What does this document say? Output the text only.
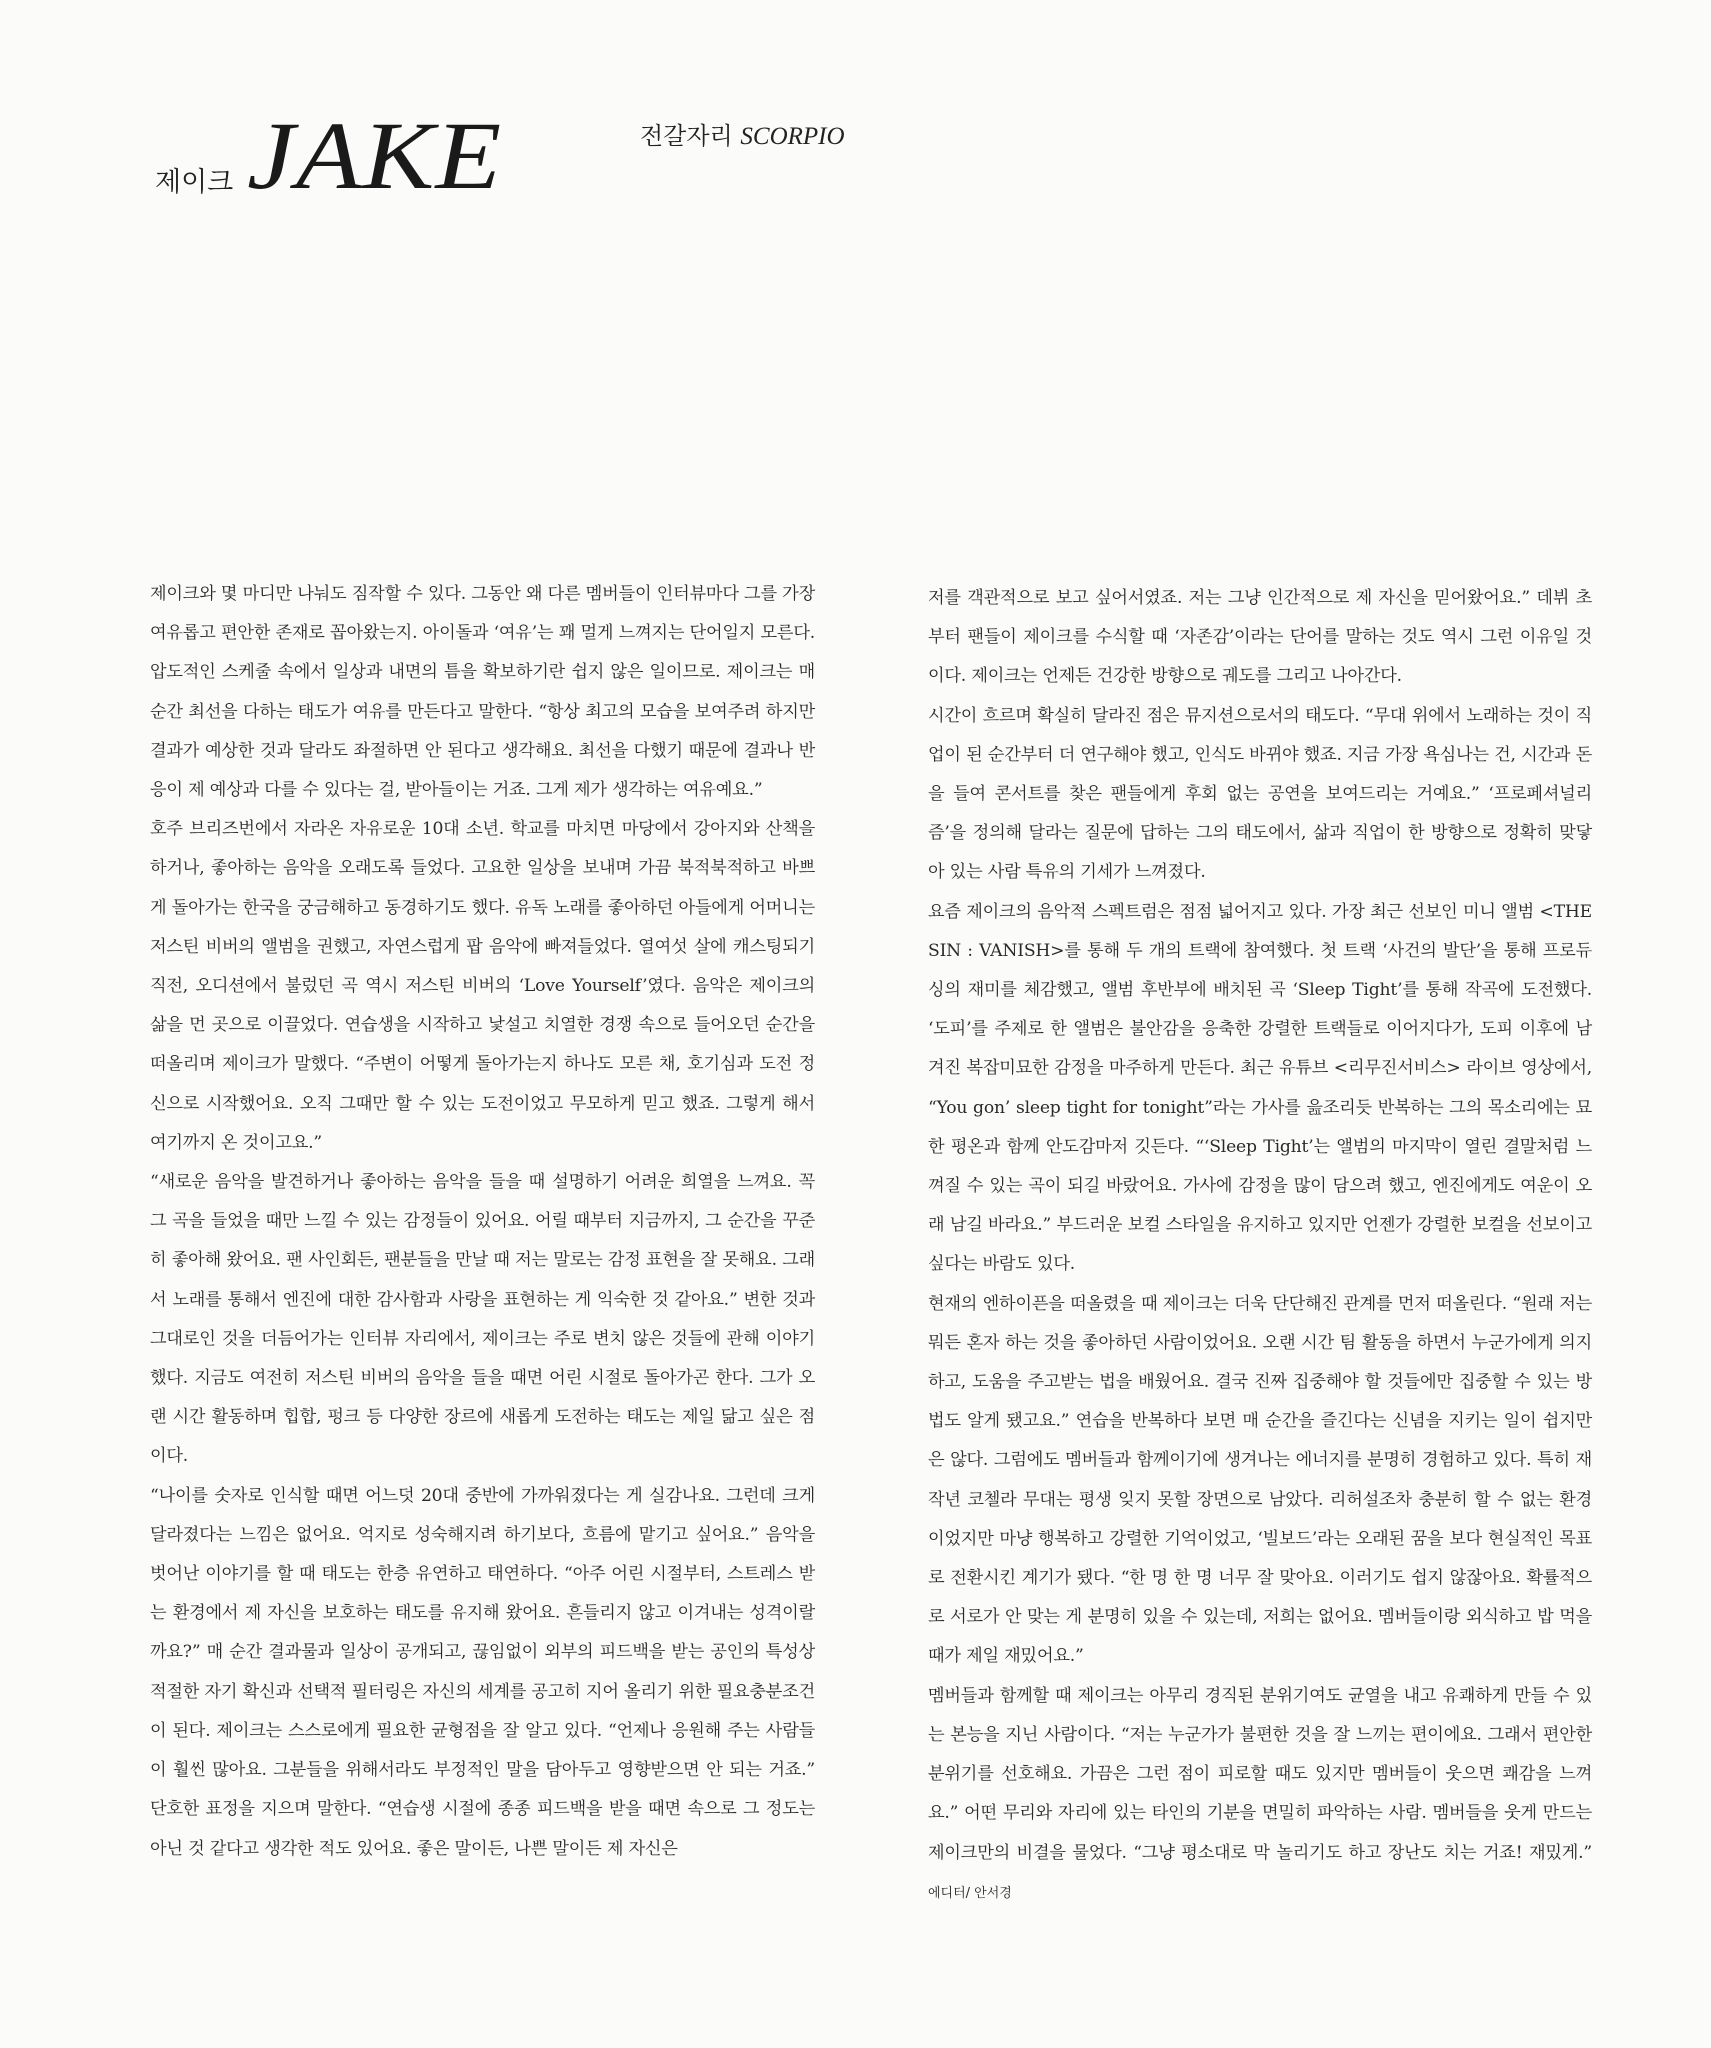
제이크 JAKE	전갈자리 SCORPIO

제이크와 몇 마디만 나눠도 짐작할 수 있다. 그동안 왜 다른 멤버들이 인터뷰마다 그를 가장 여유롭고 편안한 존재로 꼽아왔는지. 아이돌과 ‘여유’는 꽤 멀게 느껴지는 단어일지 모른다. 압도적인 스케줄 속에서 일상과 내면의 틈을 확보하기란 쉽지 않은 일이므로. 제이크는 매 순간 최선을 다하는 태도가 여유를 만든다고 말한다. “항상 최고의 모습을 보여주려 하지만 결과가 예상한 것과 달라도 좌절하면 안 된다고 생각해요. 최선을 다했기 때문에 결과나 반응이 제 예상과 다를 수 있다는 걸, 받아들이는 거죠. 그게 제가 생각하는 여유예요.”

호주 브리즈번에서 자라온 자유로운 10대 소년. 학교를 마치면 마당에서 강아지와 산책을 하거나, 좋아하는 음악을 오래도록 들었다. 고요한 일상을 보내며 가끔 북적북적하고 바쁘게 돌아가는 한국을 궁금해하고 동경하기도 했다. 유독 노래를 좋아하던 아들에게 어머니는 저스틴 비버의 앨범을 권했고, 자연스럽게 팝 음악에 빠져들었다. 열여섯 살에 캐스팅되기 직전, 오디션에서 불렀던 곡 역시 저스틴 비버의 ‘Love Yourself’였다. 음악은 제이크의 삶을 먼 곳으로 이끌었다. 연습생을 시작하고 낯설고 치열한 경쟁 속으로 들어오던 순간을 떠올리며 제이크가 말했다. “주변이 어떻게 돌아가는지 하나도 모른 채, 호기심과 도전 정신으로 시작했어요. 오직 그때만 할 수 있는 도전이었고 무모하게 믿고 했죠. 그렇게 해서 여기까지 온 것이고요.”

“새로운 음악을 발견하거나 좋아하는 음악을 들을 때 설명하기 어려운 희열을 느껴요. 꼭 그 곡을 들었을 때만 느낄 수 있는 감정들이 있어요. 어릴 때부터 지금까지, 그 순간을 꾸준히 좋아해 왔어요. 팬 사인회든, 팬분들을 만날 때 저는 말로는 감정 표현을 잘 못해요. 그래서 노래를 통해서 엔진에 대한 감사함과 사랑을 표현하는 게 익숙한 것 같아요.” 변한 것과 그대로인 것을 더듬어가는 인터뷰 자리에서, 제이크는 주로 변치 않은 것들에 관해 이야기했다. 지금도 여전히 저스틴 비버의 음악을 들을 때면 어린 시절로 돌아가곤 한다. 그가 오랜 시간 활동하며 힙합, 펑크 등 다양한 장르에 새롭게 도전하는 태도는 제일 닮고 싶은 점이다.

“나이를 숫자로 인식할 때면 어느덧 20대 중반에 가까워졌다는 게 실감나요. 그런데 크게 달라졌다는 느낌은 없어요. 억지로 성숙해지려 하기보다, 흐름에 맡기고 싶어요.” 음악을 벗어난 이야기를 할 때 태도는 한층 유연하고 태연하다. “아주 어린 시절부터, 스트레스 받는 환경에서 제 자신을 보호하는 태도를 유지해 왔어요. 흔들리지 않고 이겨내는 성격이랄까요?” 매 순간 결과물과 일상이 공개되고, 끊임없이 외부의 피드백을 받는 공인의 특성상 적절한 자기 확신과 선택적 필터링은 자신의 세계를 공고히 지어 올리기 위한 필요충분조건이 된다. 제이크는 스스로에게 필요한 균형점을 잘 알고 있다. “언제나 응원해 주는 사람들이 훨씬 많아요. 그분들을 위해서라도 부정적인 말을 담아두고 영향받으면 안 되는 거죠.” 단호한 표정을 지으며 말한다. “연습생 시절에 종종 피드백을 받을 때면 속으로 그 정도는 아닌 것 같다고 생각한 적도 있어요. 좋은 말이든, 나쁜 말이든 제 자신은

저를 객관적으로 보고 싶어서였죠. 저는 그냥 인간적으로 제 자신을 믿어왔어요.” 데뷔 초부터 팬들이 제이크를 수식할 때 ‘자존감’이라는 단어를 말하는 것도 역시 그런 이유일 것이다. 제이크는 언제든 건강한 방향으로 궤도를 그리고 나아간다.

시간이 흐르며 확실히 달라진 점은 뮤지션으로서의 태도다. “무대 위에서 노래하는 것이 직업이 된 순간부터 더 연구해야 했고, 인식도 바뀌야 했죠. 지금 가장 욕심나는 건, 시간과 돈을 들여 콘서트를 찾은 팬들에게 후회 없는 공연을 보여드리는 거예요.” ‘프로페셔널리즘’을 정의해 달라는 질문에 답하는 그의 태도에서, 삶과 직업이 한 방향으로 정확히 맞닿아 있는 사람 특유의 기세가 느껴졌다.

요즘 제이크의 음악적 스펙트럼은 점점 넓어지고 있다. 가장 최근 선보인 미니 앨범 <THE SIN : VANISH>를 통해 두 개의 트랙에 참여했다. 첫 트랙 ‘사건의 발단’을 통해 프로듀싱의 재미를 체감했고, 앨범 후반부에 배치된 곡 ‘Sleep Tight’를 통해 작곡에 도전했다. ‘도피’를 주제로 한 앨범은 불안감을 응축한 강렬한 트랙들로 이어지다가, 도피 이후에 남겨진 복잡미묘한 감정을 마주하게 만든다. 최근 유튜브 <리무진서비스> 라이브 영상에서, “You gon’ sleep tight for tonight”라는 가사를 읊조리듯 반복하는 그의 목소리에는 묘한 평온과 함께 안도감마저 깃든다. “‘Sleep Tight’는 앨범의 마지막이 열린 결말처럼 느껴질 수 있는 곡이 되길 바랐어요. 가사에 감정을 많이 담으려 했고, 엔진에게도 여운이 오래 남길 바라요.” 부드러운 보컬 스타일을 유지하고 있지만 언젠가 강렬한 보컬을 선보이고 싶다는 바람도 있다.

현재의 엔하이픈을 떠올렸을 때 제이크는 더욱 단단해진 관계를 먼저 떠올린다. “원래 저는 뭐든 혼자 하는 것을 좋아하던 사람이었어요. 오랜 시간 팀 활동을 하면서 누군가에게 의지하고, 도움을 주고받는 법을 배웠어요. 결국 진짜 집중해야 할 것들에만 집중할 수 있는 방법도 알게 됐고요.” 연습을 반복하다 보면 매 순간을 즐긴다는 신념을 지키는 일이 쉽지만은 않다. 그럼에도 멤버들과 함께이기에 생겨나는 에너지를 분명히 경험하고 있다. 특히 재작년 코첼라 무대는 평생 잊지 못할 장면으로 남았다. 리허설조차 충분히 할 수 없는 환경이었지만 마냥 행복하고 강렬한 기억이었고, ‘빌보드’라는 오래된 꿈을 보다 현실적인 목표로 전환시킨 계기가 됐다. “한 명 한 명 너무 잘 맞아요. 이러기도 쉽지 않잖아요. 확률적으로 서로가 안 맞는 게 분명히 있을 수 있는데, 저희는 없어요. 멤버들이랑 외식하고 밥 먹을 때가 제일 재밌어요.”

멤버들과 함께할 때 제이크는 아무리 경직된 분위기여도 균열을 내고 유쾌하게 만들 수 있는 본능을 지닌 사람이다. “저는 누군가가 불편한 것을 잘 느끼는 편이에요. 그래서 편안한 분위기를 선호해요. 가끔은 그런 점이 피로할 때도 있지만 멤버들이 웃으면 쾌감을 느껴요.” 어떤 무리와 자리에 있는 타인의 기분을 면밀히 파악하는 사람. 멤버들을 웃게 만드는 제이크만의 비결을 물었다. “그냥 평소대로 막 놀리기도 하고 장난도 치는 거죠! 재밌게.” 에디터/ 안서경
